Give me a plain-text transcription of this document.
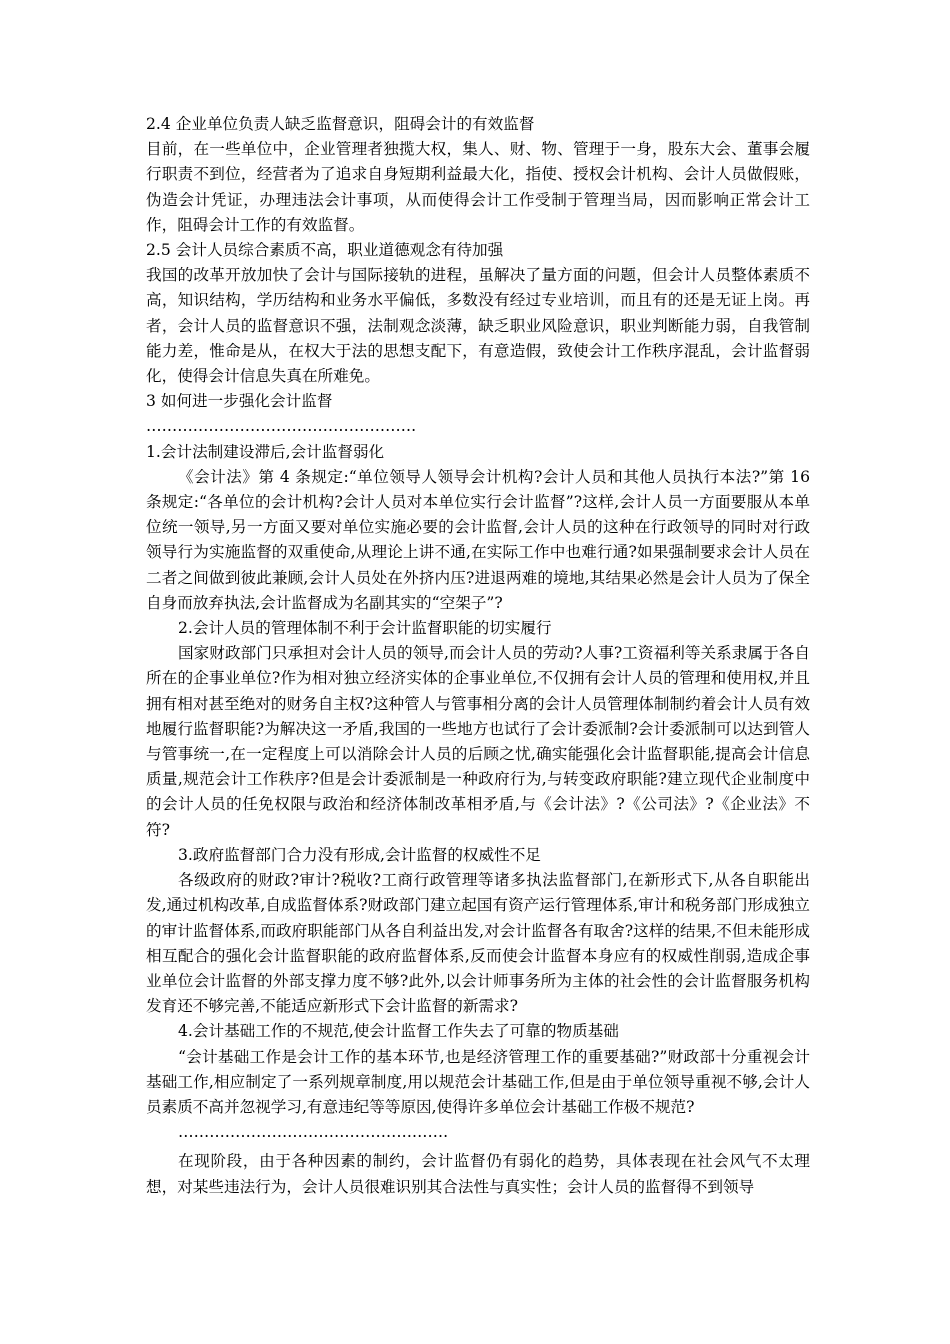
2.4 企业单位负责人缺乏监督意识，阻碍会计的有效监督

目前，在一些单位中，企业管理者独揽大权，集人、财、物、管理于一身，股东大会、董事会履行职责不到位，经营者为了追求自身短期利益最大化，指使、授权会计机构、会计人员做假账，伪造会计凭证，办理违法会计事项，从而使得会计工作受制于管理当局，因而影响正常会计工作，阻碍会计工作的有效监督。

2.5 会计人员综合素质不高，职业道德观念有待加强

我国的改革开放加快了会计与国际接轨的进程，虽解决了量方面的问题，但会计人员整体素质不高，知识结构，学历结构和业务水平偏低，多数没有经过专业培训，而且有的还是无证上岗。再者，会计人员的监督意识不强，法制观念淡薄，缺乏职业风险意识，职业判断能力弱，自我管制能力差，惟命是从，在权大于法的思想支配下，有意造假，致使会计工作秩序混乱，会计监督弱化，使得会计信息失真在所难免。

3 如何进一步强化会计监督

…………………………………………….

1.会计法制建设滞后,会计监督弱化

《会计法》第 4 条规定:“单位领导人领导会计机构?会计人员和其他人员执行本法?”第 16 条规定:“各单位的会计机构?会计人员对本单位实行会计监督”?这样,会计人员一方面要服从本单位统一领导,另一方面又要对单位实施必要的会计监督,会计人员的这种在行政领导的同时对行政领导行为实施监督的双重使命,从理论上讲不通,在实际工作中也难行通?如果强制要求会计人员在二者之间做到彼此兼顾,会计人员处在外挤内压?进退两难的境地,其结果必然是会计人员为了保全自身而放弃执法,会计监督成为名副其实的“空架子”?

2.会计人员的管理体制不利于会计监督职能的切实履行

国家财政部门只承担对会计人员的领导,而会计人员的劳动?人事?工资福利等关系隶属于各自所在的企事业单位?作为相对独立经济实体的企事业单位,不仅拥有会计人员的管理和使用权,并且拥有相对甚至绝对的财务自主权?这种管人与管事相分离的会计人员管理体制制约着会计人员有效地履行监督职能?为解决这一矛盾,我国的一些地方也试行了会计委派制?会计委派制可以达到管人与管事统一,在一定程度上可以消除会计人员的后顾之忧,确实能强化会计监督职能,提高会计信息质量,规范会计工作秩序?但是会计委派制是一种政府行为,与转变政府职能?建立现代企业制度中的会计人员的任免权限与政治和经济体制改革相矛盾,与《会计法》?《公司法》?《企业法》不符?

3.政府监督部门合力没有形成,会计监督的权威性不足

各级政府的财政?审计?税收?工商行政管理等诸多执法监督部门,在新形式下,从各自职能出发,通过机构改革,自成监督体系?财政部门建立起国有资产运行管理体系,审计和税务部门形成独立的审计监督体系,而政府职能部门从各自利益出发,对会计监督各有取舍?这样的结果,不但未能形成相互配合的强化会计监督职能的政府监督体系,反而使会计监督本身应有的权威性削弱,造成企事业单位会计监督的外部支撑力度不够?此外,以会计师事务所为主体的社会性的会计监督服务机构发育还不够完善,不能适应新形式下会计监督的新需求?

4.会计基础工作的不规范,使会计监督工作失去了可靠的物质基础

“会计基础工作是会计工作的基本环节,也是经济管理工作的重要基础?”财政部十分重视会计基础工作,相应制定了一系列规章制度,用以规范会计基础工作,但是由于单位领导重视不够,会计人员素质不高并忽视学习,有意违纪等等原因,使得许多单位会计基础工作极不规范?

…………………………………………….

在现阶段，由于各种因素的制约，会计监督仍有弱化的趋势，具体表现在社会风气不太理想，对某些违法行为，会计人员很难识别其合法性与真实性；会计人员的监督得不到领导
